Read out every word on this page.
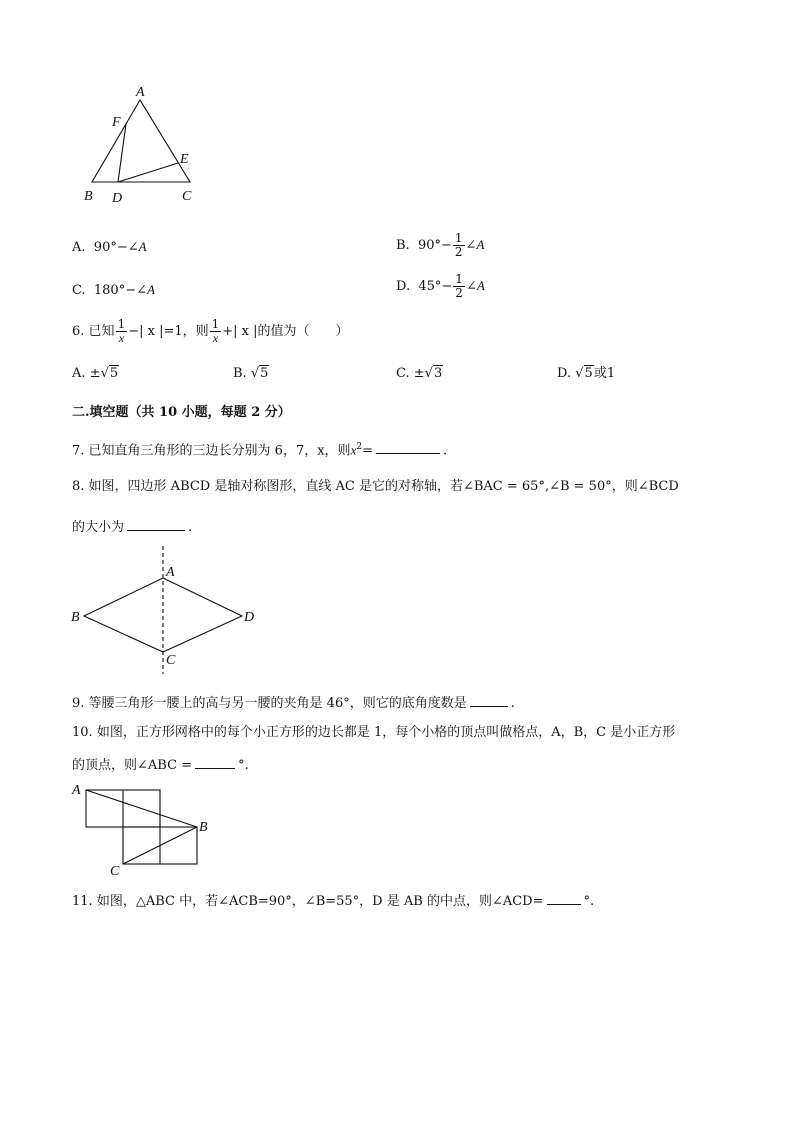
A
F
E
B D	C
A. 90°−∠A	B. $90^\circ- \frac{1}{2}$ ∠A
C. 180°−∠A	D. $45^\circ- \frac{1}{2}$ ∠A
6. 已知 $\frac{1}{x}$ −| x |=1，则 $\frac{1}{x}$ +| x |的值为（　　）
A. ±√5	B. √5	C. ±√3	D. √5或1
二.填空题（共 10 小题，每题 2 分）
7. 已知直角三角形的三边长分别为 6，7，x，则$x^2=$	.
8. 如图，四边形 ABCD 是轴对称图形，直线 AC 是它的对称轴，若∠BAC = 65°,∠B = 50°，则∠BCD
的大小为	.
A
B	D
C
9. 等腰三角形一腰上的高与另一腰的夹角是 46°，则它的底角度数是	.
10. 如图，正方形网格中的每个小正方形的边长都是 1，每个小格的顶点叫做格点，A，B，C 是小正方形
的顶点，则∠ABC =	°.
A
B
C
11. 如图，△ABC 中，若∠ACB=90°，∠B=55°，D 是 AB 的中点，则∠ACD=	°.
